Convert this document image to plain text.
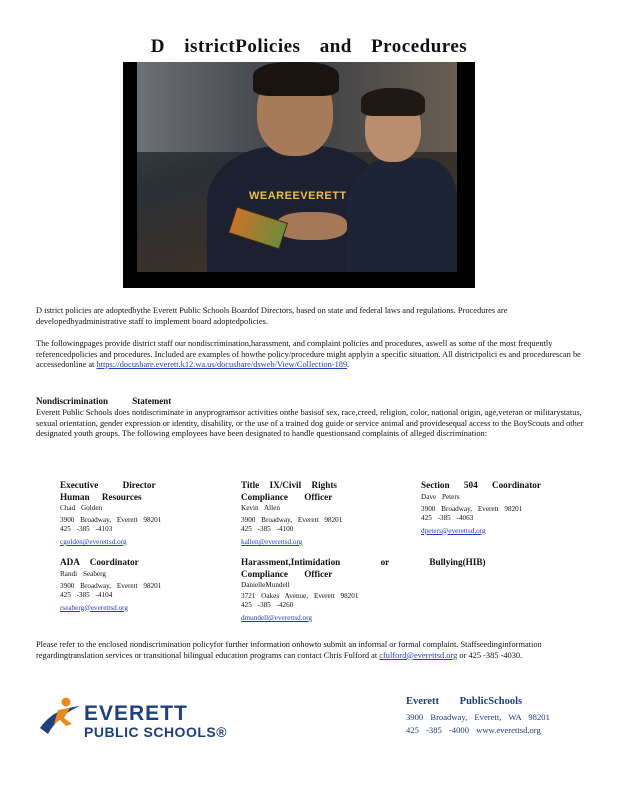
D istrictPolicies and Procedures
WEAREEVERETT
D istrict policies are adoptedbythe Everett Public Schools Boardof Directors, based on state and federal laws and regulations. Procedures are developedbyadministrative staff to implement board adoptedpolicies.
The followingpages provide district staff our nondiscrimination,harassment, and complaint policies and procedures, aswell as some of the most frequently referencedpolicies and procedures. Included are examples of howthe policy/procedure might applyin a specific situation. All districtpolici es and procedurescan be accessedonline at https://docushare.everett.k12.wa.us/docushare/dsweb/View/Collection-189.
Nondiscrimination Statement
Everett Public Schools does notdiscriminate in anyprogramsor activities onthe basisof sex, race,creed, religion, color, national origin, age,veteran or militarystatus, sexual orientation, gender expression or identity, disability, or the use of a trained dog guide or service animal and providesequal access to the BoyScouts and other designated youth groups. The following employees have been designated to handle questionsand complaints of alleged discrimination:
Executive Director
Human Resources
Chad Golden
3900 Broadway, Everett 98201
425 -385 -4103
cgolden@everettsd.org
Title IX/Civil Rights
Compliance Officer
Kevin Allen
3900 Broadway, Everett 98201
425 -385 -4100
kallen@everettsd.org
Section 504 Coordinator
Dave Peters
3900 Broadway, Everett 98201
425 -385 -4063
dpeters@everettsd.org
ADA Coordinator
Randi Seaberg
3900 Broadway, Everett 98201
425 -385 -4104
rseaberg@everettsd.org
Harassment,Intimidation or Bullying(HIB)
Compliance Officer
DanielleMundell
3721 Oakes Avenue, Everett 98201
425 -385 -4260
dmundell@everettsd.org
Please refer to the enclosed nondiscrimination policyfor further information onhowto submit an informal or formal complaint. Staffseedinginformation regardingtranslation services or transitional bilingual education programs can contact Chris Fulford at cfulford@everettsd.org or 425 -385 -4030.
EVERETT
PUBLIC SCHOOLS®
Everett PublicSchools
3900 Broadway, Everett, WA 98201
425 -385 -4000 www.everettsd.org
